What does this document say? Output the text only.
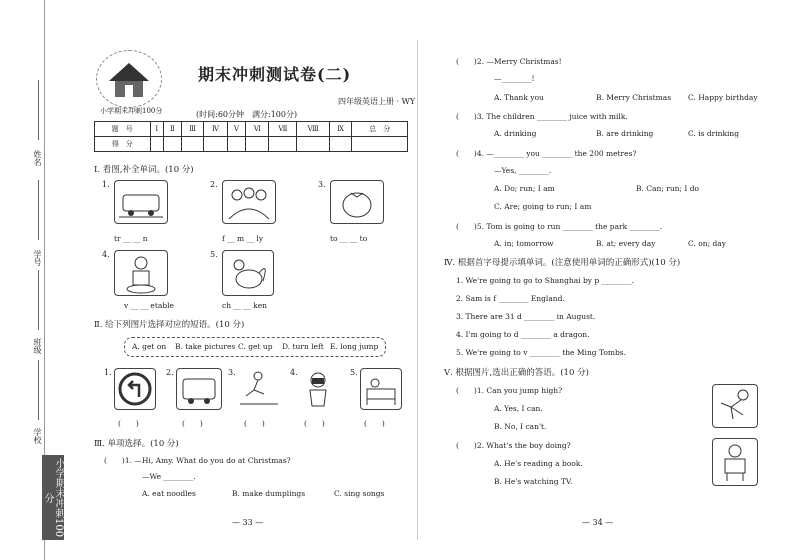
姓名
学号
班级
学校
小学期末冲刺100分
小学期末冲刺100分
期末冲刺测试卷(二)
四年级英语上册 · WY
(时间:60分钟　满分:100分)
题　号	Ⅰ	Ⅱ	Ⅲ	Ⅳ	Ⅴ	Ⅵ	Ⅶ	Ⅷ	Ⅸ	总　分
得　分										
Ⅰ. 看图,补全单词。(10 分)
1.
tr __ __ n
2.
f __ m __ ly
3.
to __ __ to
4.
v __ __ etable
5.
ch __ __ ken
Ⅱ. 给下列图片选择对应的短语。(10 分)
A. get on B. take pictures C. get up D. turn left E. long jump
1.	2.	3.	4.	5.
(　　)	(　　)	(　　)	(　　)	(　　)
Ⅲ. 单项选择。(10 分)
(　　)1. —Hi, Amy. What do you do at Christmas?
—We ________.
A. eat noodles	B. make dumplings	C. sing songs
— 33 —
(　　)2. —Merry Christmas!
—________!
A. Thank you	B. Merry Christmas C. Happy birthday
(　　)3. The children ________ juice with milk.
A. drinking	B. are drinking	C. is drinking
(　　)4. —________ you ________ the 200 metres?
—Yes, ________.
A. Do; run; I am	B. Can; run; I do
C. Are; going to run; I am
(　　)5. Tom is going to run ________ the park ________.
A. in; tomorrow	B. at; every day	C. on; day
Ⅳ. 根据首字母提示填单词。(注意使用单词的正确形式)(10 分)
1. We're going to go to Shanghai by p ________.
2. Sam is f ________ England.
3. There are 31 d ________ in August.
4. I'm going to d ________ a dragon.
5. We're going to v ________ the Ming Tombs.
Ⅴ. 根据图片,选出正确的答语。(10 分)
(　　)1. Can you jump high?
A. Yes, I can.
B. No, I can't.
(　　)2. What's the boy doing?
A. He's reading a book.
B. He's watching TV.
— 34 —
